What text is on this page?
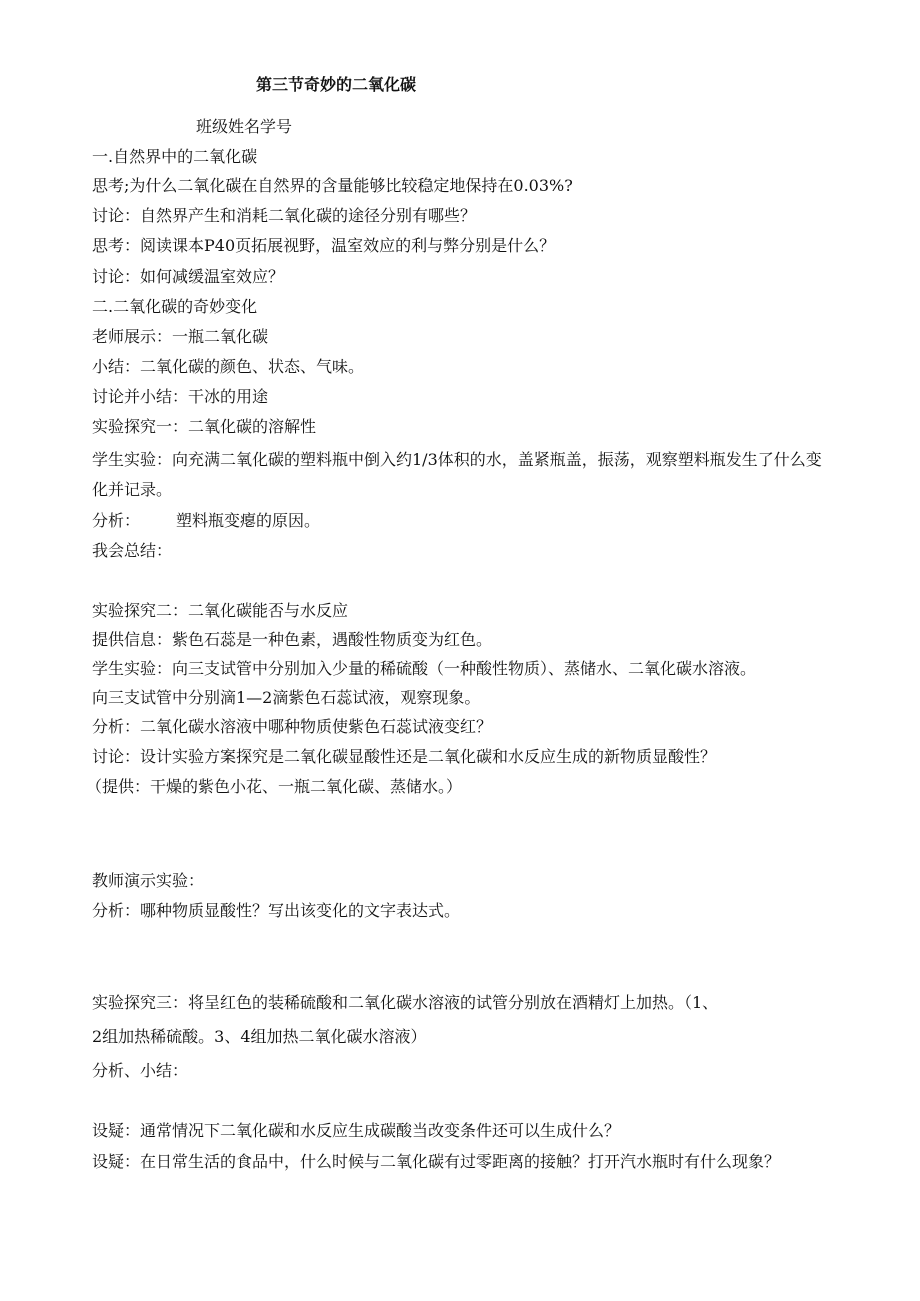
第三节奇妙的二氧化碳
班级姓名学号
一.自然界中的二氧化碳
思考;为什么二氧化碳在自然界的含量能够比较稳定地保持在0.03%?
讨论：自然界产生和消耗二氧化碳的途径分别有哪些？
思考：阅读课本P40页拓展视野，温室效应的利与弊分别是什么？
讨论：如何减缓温室效应？
二.二氧化碳的奇妙变化
老师展示：一瓶二氧化碳
小结：二氧化碳的颜色、状态、气味。
讨论并小结：干冰的用途
实验探究一：二氧化碳的溶解性
学生实验：向充满二氧化碳的塑料瓶中倒入约1/3体积的水，盖紧瓶盖，振荡，观察塑料瓶发生了什么变化并记录。
分析： 塑料瓶变瘪的原因。
我会总结：
实验探究二：二氧化碳能否与水反应
提供信息：紫色石蕊是一种色素，遇酸性物质变为红色。
学生实验：向三支试管中分别加入少量的稀硫酸（一种酸性物质）、蒸储水、二氧化碳水溶液。
向三支试管中分别滴1—2滴紫色石蕊试液，观察现象。
分析：二氧化碳水溶液中哪种物质使紫色石蕊试液变红？
讨论：设计实验方案探究是二氧化碳显酸性还是二氧化碳和水反应生成的新物质显酸性？
（提供：干燥的紫色小花、一瓶二氧化碳、蒸储水。）
教师演示实验：
分析：哪种物质显酸性？写出该变化的文字表达式。
实验探究三：将呈红色的装稀硫酸和二氧化碳水溶液的试管分别放在酒精灯上加热。（1、
2组加热稀硫酸。3、4组加热二氧化碳水溶液）
分析、小结：
设疑：通常情况下二氧化碳和水反应生成碳酸当改变条件还可以生成什么？
设疑：在日常生活的食品中，什么时候与二氧化碳有过零距离的接触？打开汽水瓶时有什么现象？
